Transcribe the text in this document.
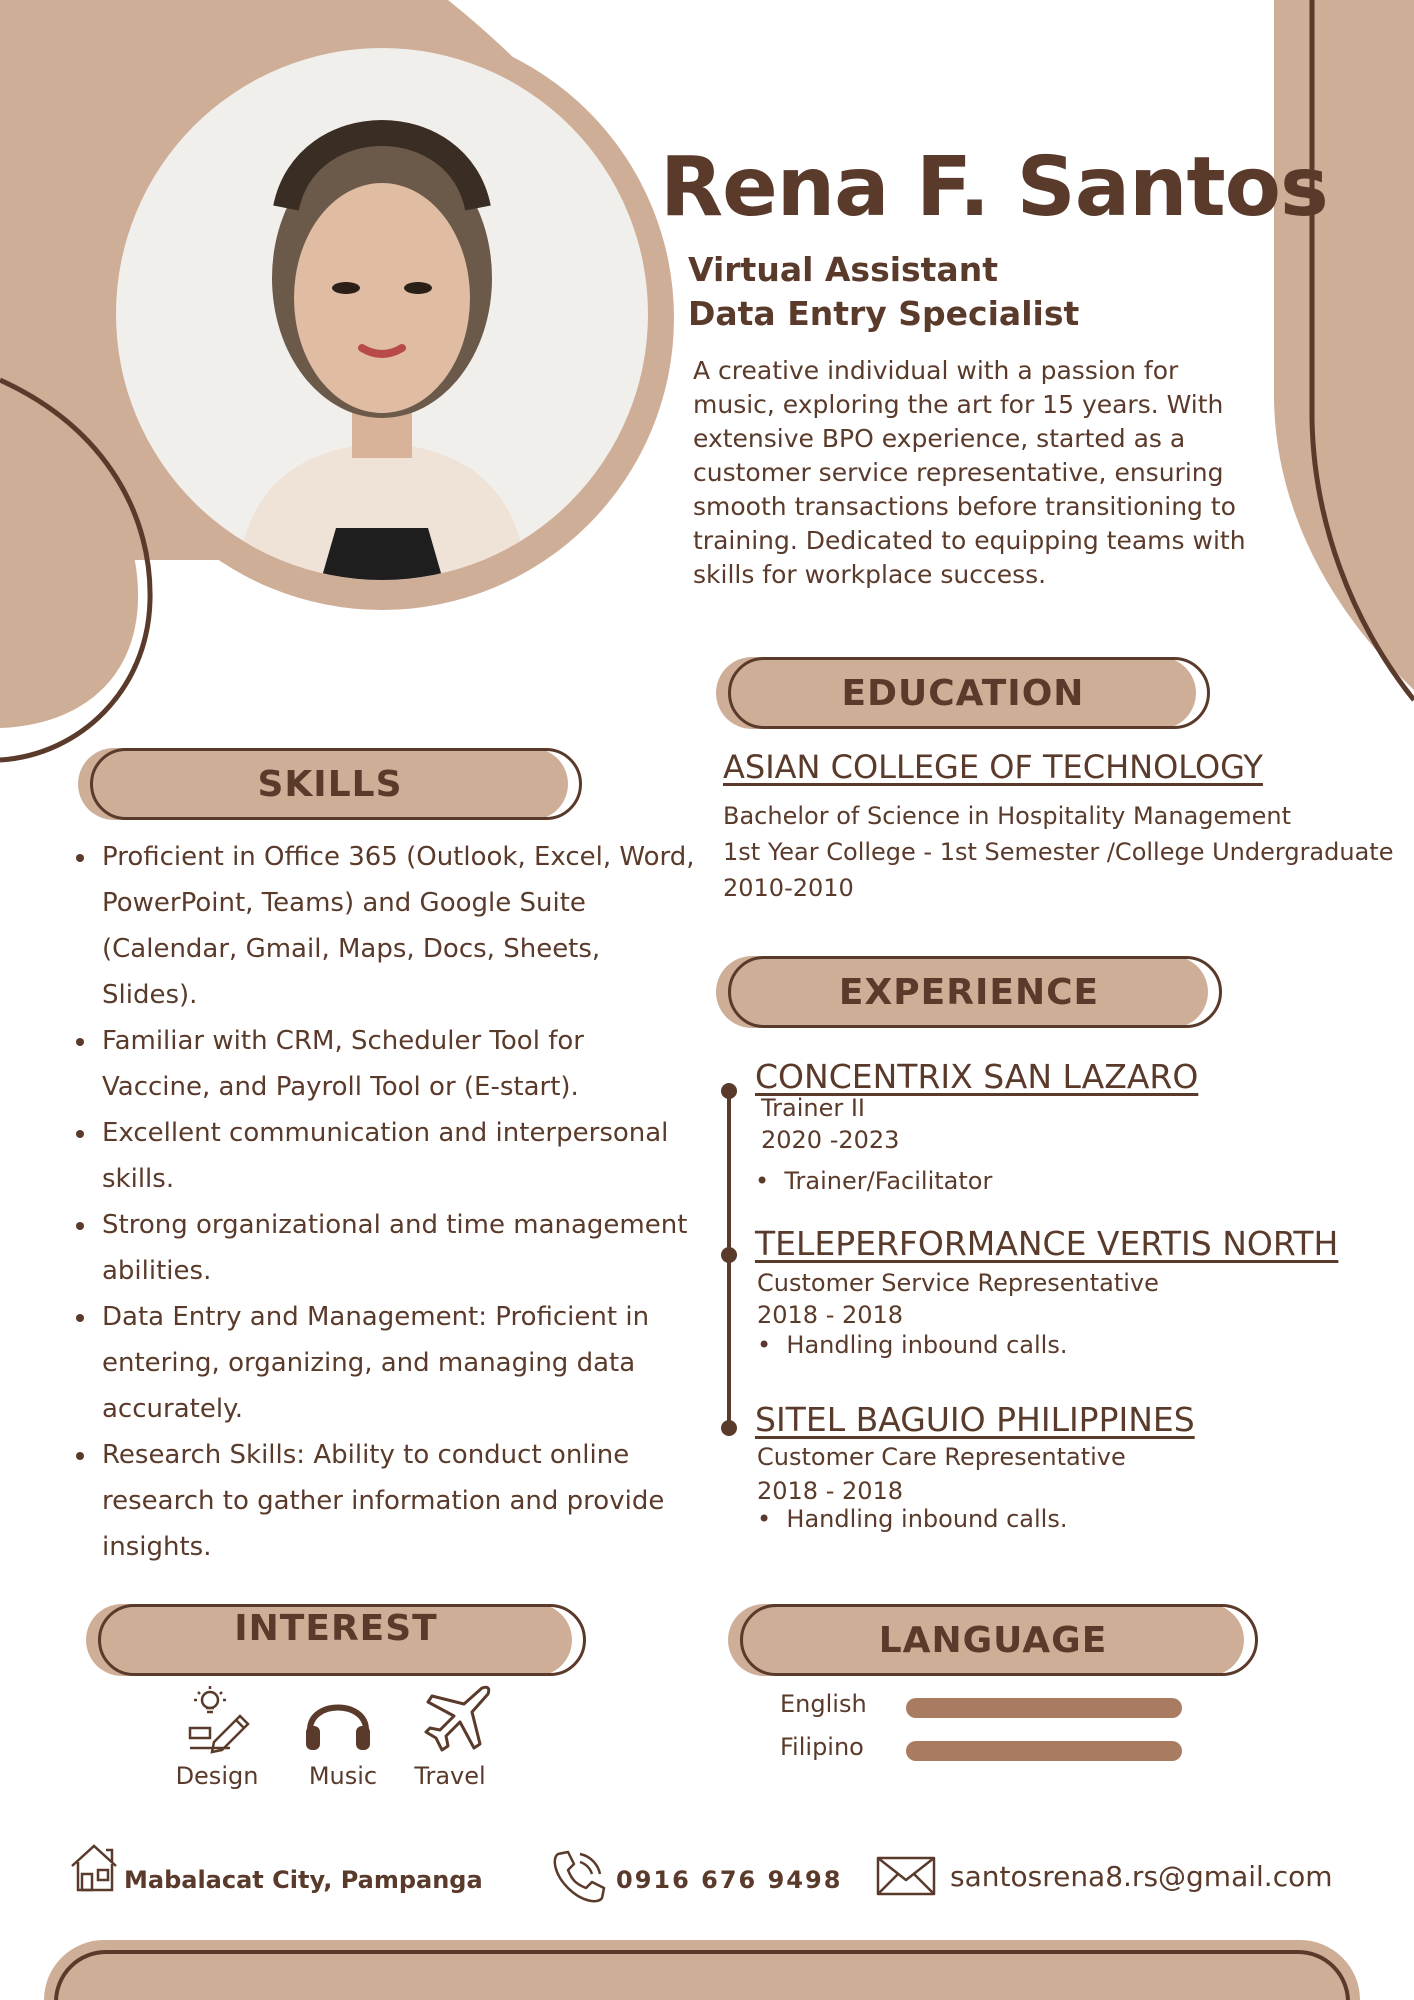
Rena F. Santos
Virtual Assistant
Data Entry Specialist
A creative individual with a passion for music, exploring the art for 15 years. With extensive BPO experience, started as a customer service representative, ensuring smooth transactions before transitioning to training. Dedicated to equipping teams with skills for workplace success.
EDUCATION
ASIAN COLLEGE OF TECHNOLOGY
Bachelor of Science in Hospitality Management
1st Year College - 1st Semester /College Undergraduate
2010-2010
EXPERIENCE
CONCENTRIX SAN LAZARO
Trainer II
2020 -2023
•  Trainer/Facilitator
TELEPERFORMANCE VERTIS NORTH
Customer Service Representative
2018 - 2018
•  Handling inbound calls.
SITEL BAGUIO PHILIPPINES
Customer Care Representative
2018 - 2018
•  Handling inbound calls.
SKILLS
• Proficient in Office 365 (Outlook, Excel, Word, PowerPoint, Teams) and Google Suite (Calendar, Gmail, Maps, Docs, Sheets, Slides).
• Familiar with CRM, Scheduler Tool for Vaccine, and Payroll Tool or (E-start).
• Excellent communication and interpersonal skills.
• Strong organizational and time management abilities.
• Data Entry and Management: Proficient in entering, organizing, and managing data accurately.
• Research Skills: Ability to conduct online research to gather information and provide insights.
INTEREST
Design	Music	Travel
LANGUAGE
English
Filipino
Mabalacat City, Pampanga	0916 676 9498	santosrena8.rs@gmail.com
